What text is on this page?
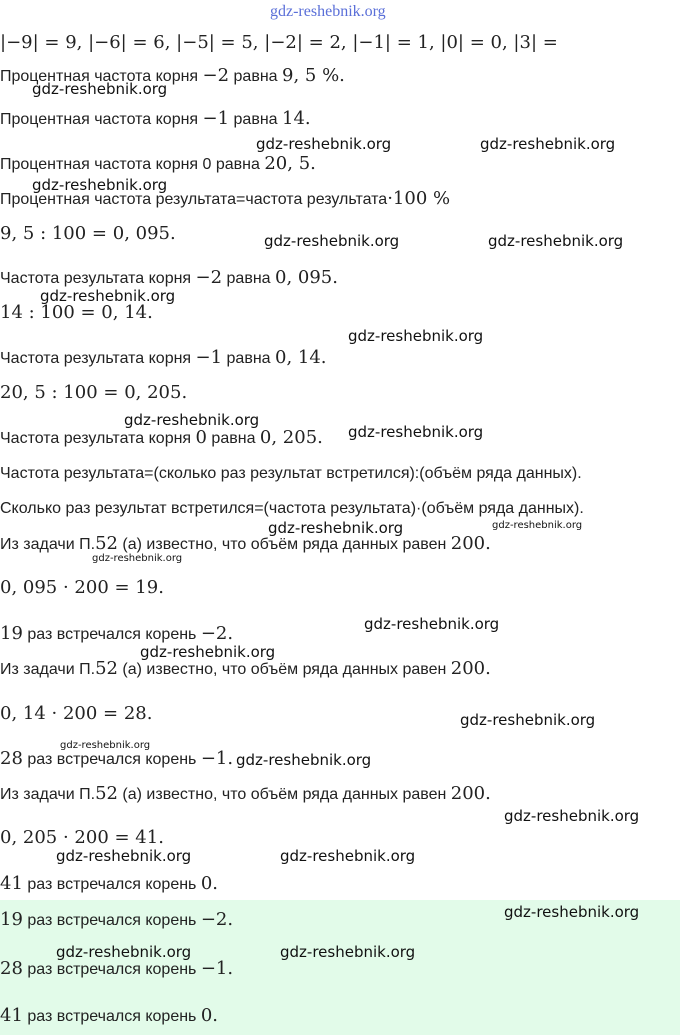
|−9| = 9, |−6| = 6, |−5| = 5, |−2| = 2, |−1| = 1, |0| = 0, |3| =
Процентная частота корня −2 равна 9, 5 %.
Процентная частота корня −1 равна 14.
Процентная частота корня 0 равна 20, 5.
Процентная частота результата=частота результата·100 %
9, 5 : 100 = 0, 095.
Частота результата корня −2 равна 0, 095.
14 : 100 = 0, 14.
Частота результата корня −1 равна 0, 14.
20, 5 : 100 = 0, 205.
Частота результата корня 0 равна 0, 205.
Частота результата=(сколько раз результат встретился):(объём ряда данных).
Сколько раз результат встретился=(частота результата)·(объём ряда данных).
Из задачи П.52 (а) известно, что объём ряда данных равен 200.
0, 095 · 200 = 19.
19 раз встречался корень −2.
Из задачи П.52 (а) известно, что объём ряда данных равен 200.
0, 14 · 200 = 28.
28 раз встречался корень −1.
Из задачи П.52 (а) известно, что объём ряда данных равен 200.
0, 205 · 200 = 41.
41 раз встречался корень 0.
19 раз встречался корень −2.
28 раз встречался корень −1.
41 раз встречался корень 0.
gdz-reshebnik.org
gdz-reshebnik.org
gdz-reshebnik.org	gdz-reshebnik.org
gdz-reshebnik.org
gdz-reshebnik.org	gdz-reshebnik.org
gdz-reshebnik.org
gdz-reshebnik.org
gdz-reshebnik.org
gdz-reshebnik.org
gdz-reshebnik.org	gdz-reshebnik.org
gdz-reshebnik.org
gdz-reshebnik.org
gdz-reshebnik.org
gdz-reshebnik.org
gdz-reshebnik.org
gdz-reshebnik.org
gdz-reshebnik.org
gdz-reshebnik.org	gdz-reshebnik.org
gdz-reshebnik.org
gdz-reshebnik.org	gdz-reshebnik.org
